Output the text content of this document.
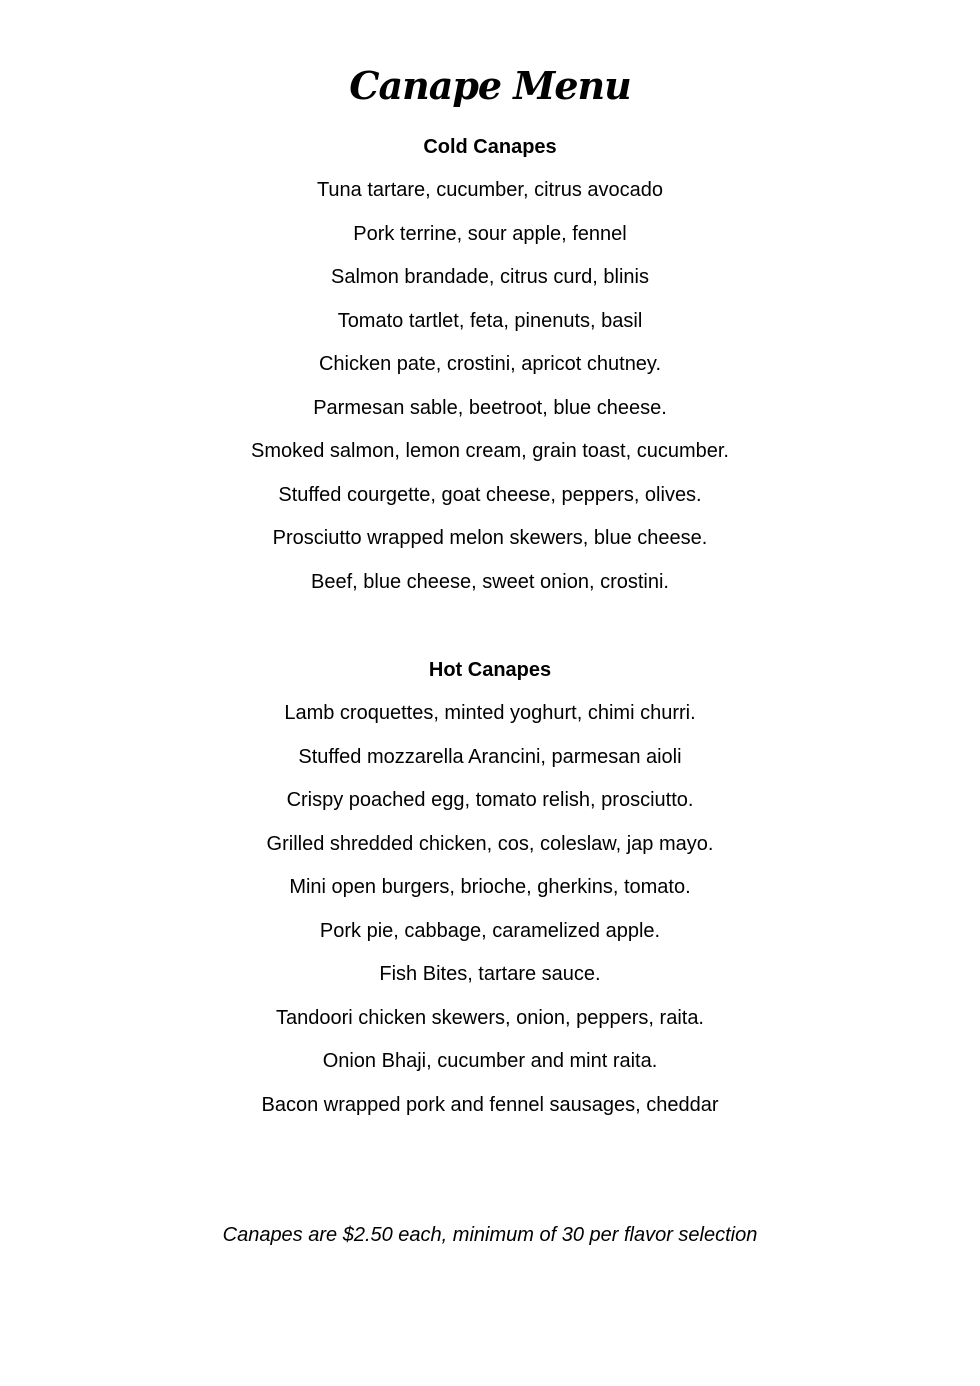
Canape Menu
Cold Canapes
Tuna tartare, cucumber, citrus avocado
Pork terrine, sour apple, fennel
Salmon brandade, citrus curd, blinis
Tomato tartlet, feta, pinenuts, basil
Chicken pate, crostini, apricot chutney.
Parmesan sable, beetroot, blue cheese.
Smoked salmon, lemon cream, grain toast, cucumber.
Stuffed courgette, goat cheese, peppers, olives.
Prosciutto wrapped melon skewers, blue cheese.
Beef, blue cheese, sweet onion, crostini.
Hot Canapes
Lamb croquettes, minted yoghurt, chimi churri.
Stuffed mozzarella Arancini, parmesan aioli
Crispy poached egg, tomato relish, prosciutto.
Grilled shredded chicken, cos, coleslaw, jap mayo.
Mini open burgers, brioche, gherkins, tomato.
Pork pie, cabbage, caramelized apple.
Fish Bites, tartare sauce.
Tandoori chicken skewers, onion, peppers, raita.
Onion Bhaji, cucumber and mint raita.
Bacon wrapped pork and fennel sausages, cheddar
Canapes are $2.50 each, minimum of 30 per flavor selection
